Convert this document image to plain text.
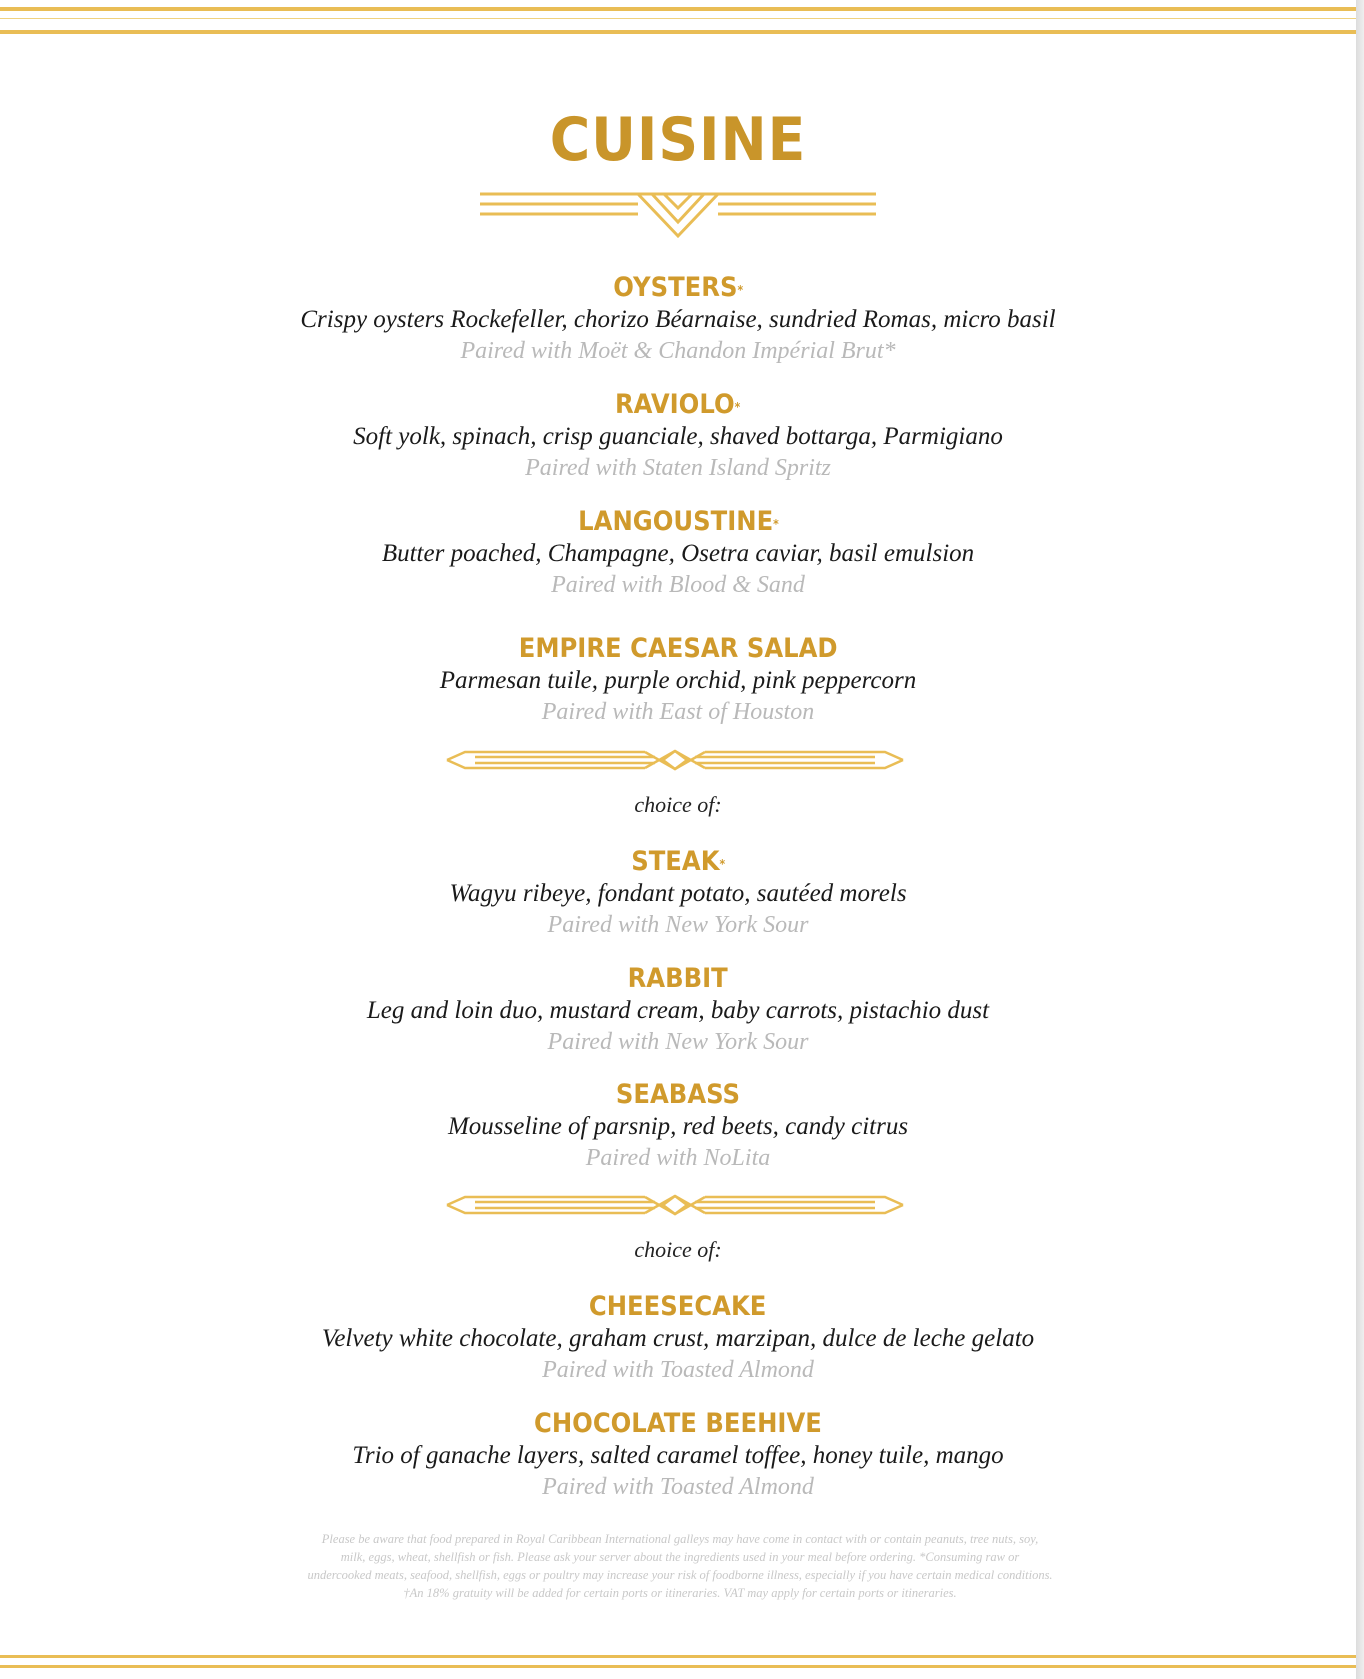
CUISINE
OYSTERS*
Crispy oysters Rockefeller, chorizo Béarnaise, sundried Romas, micro basil
Paired with Moët & Chandon Impérial Brut*
RAVIOLO*
Soft yolk, spinach, crisp guanciale, shaved bottarga, Parmigiano
Paired with Staten Island Spritz
LANGOUSTINE*
Butter poached, Champagne, Osetra caviar, basil emulsion
Paired with Blood & Sand
EMPIRE CAESAR SALAD
Parmesan tuile, purple orchid, pink peppercorn
Paired with East of Houston
choice of:
STEAK*
Wagyu ribeye, fondant potato, sautéed morels
Paired with New York Sour
RABBIT
Leg and loin duo, mustard cream, baby carrots, pistachio dust
Paired with New York Sour
SEABASS
Mousseline of parsnip, red beets, candy citrus
Paired with NoLita
choice of:
CHEESECAKE
Velvety white chocolate, graham crust, marzipan, dulce de leche gelato
Paired with Toasted Almond
CHOCOLATE BEEHIVE
Trio of ganache layers, salted caramel toffee, honey tuile, mango
Paired with Toasted Almond
Please be aware that food prepared in Royal Caribbean International galleys may have come in contact with or contain peanuts, tree nuts, soy,
milk, eggs, wheat, shellfish or fish. Please ask your server about the ingredients used in your meal before ordering. *Consuming raw or
undercooked meats, seafood, shellfish, eggs or poultry may increase your risk of foodborne illness, especially if you have certain medical conditions.
†An 18% gratuity will be added for certain ports or itineraries. VAT may apply for certain ports or itineraries.
